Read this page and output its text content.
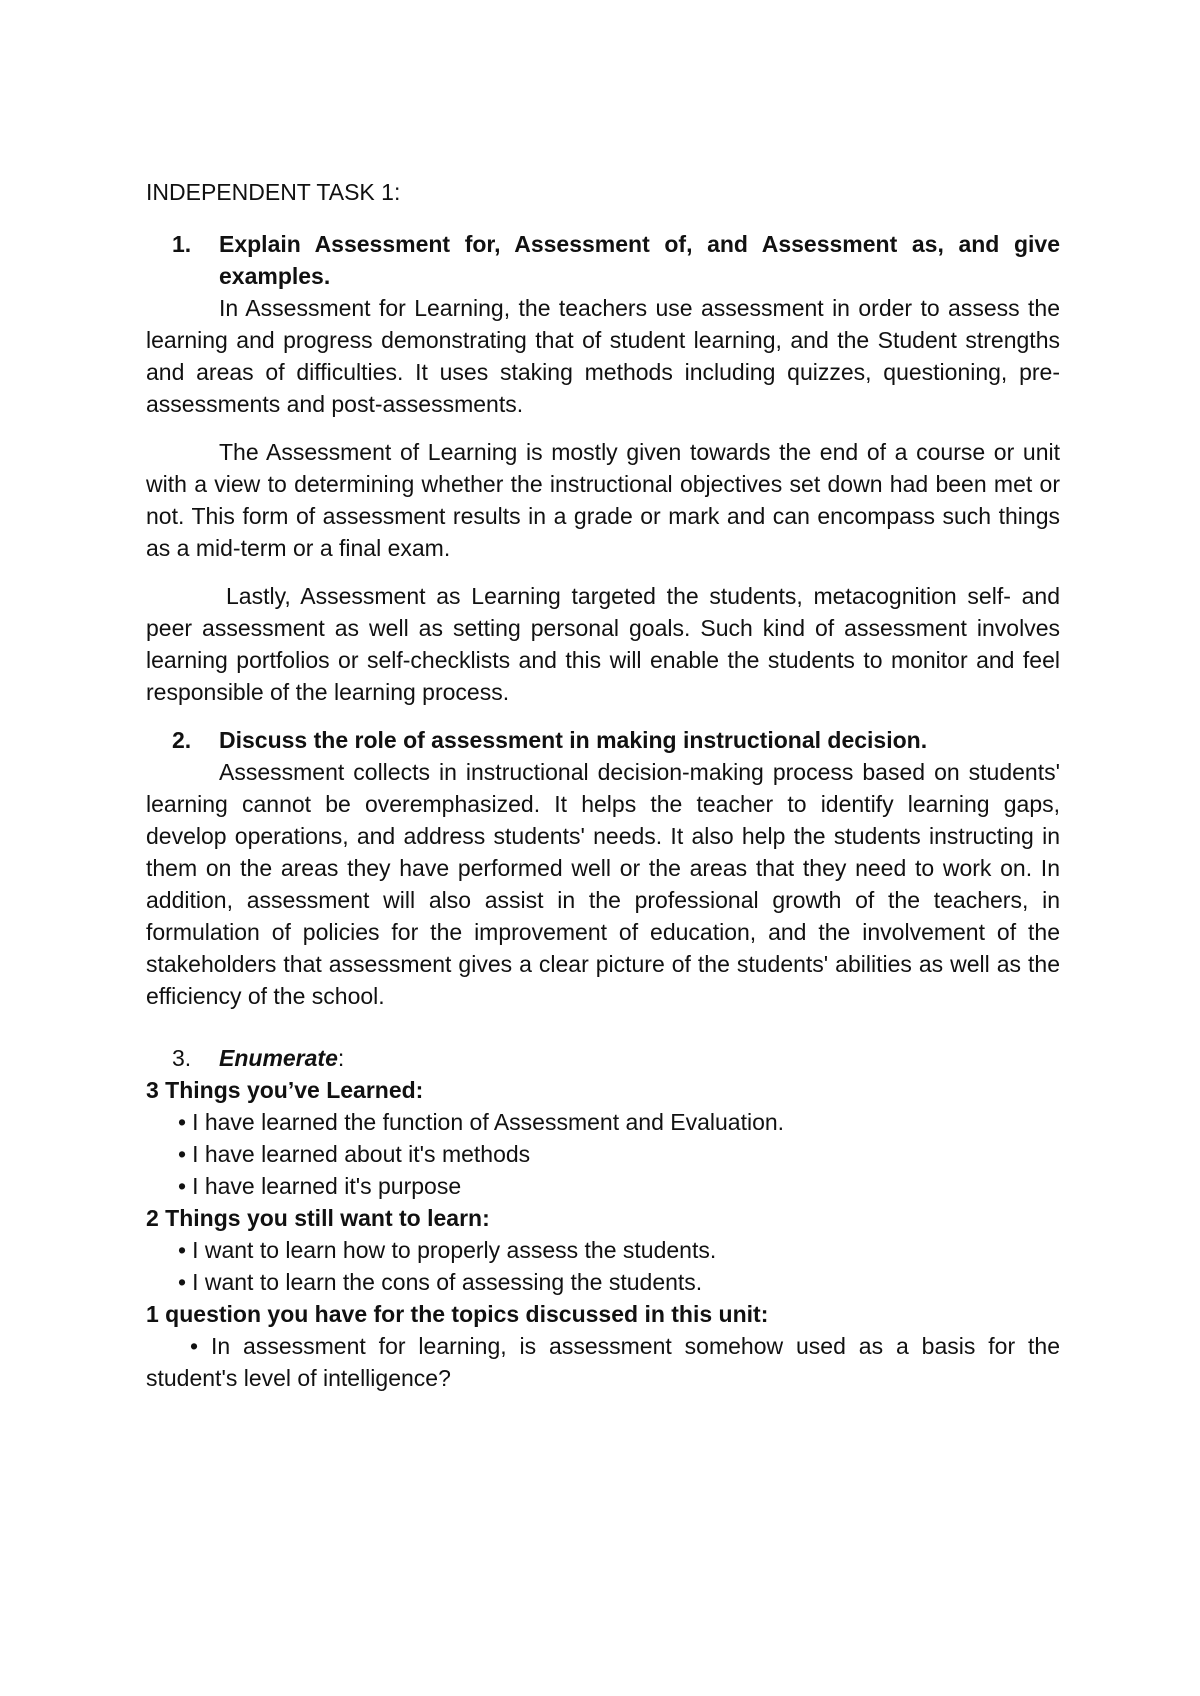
INDEPENDENT TASK 1:

1.	Explain Assessment for, Assessment of, and Assessment as, and give examples.

In Assessment for Learning, the teachers use assessment in order to assess the learning and progress demonstrating that of student learning, and the Student strengths and areas of difficulties. It uses staking methods including quizzes, questioning, pre-assessments and post-assessments.

The Assessment of Learning is mostly given towards the end of a course or unit with a view to determining whether the instructional objectives set down had been met or not. This form of assessment results in a grade or mark and can encompass such things as a mid-term or a final exam.

Lastly, Assessment as Learning targeted the students, metacognition self- and peer assessment as well as setting personal goals. Such kind of assessment involves learning portfolios or self-checklists and this will enable the students to monitor and feel responsible of the learning process.

2.	Discuss the role of assessment in making instructional decision.

Assessment collects in instructional decision-making process based on students' learning cannot be overemphasized. It helps the teacher to identify learning gaps, develop operations, and address students' needs. It also help the students instructing in them on the areas they have performed well or the areas that they need to work on. In addition, assessment will also assist in the professional growth of the teachers, in formulation of policies for the improvement of education, and the involvement of the stakeholders that assessment gives a clear picture of the students' abilities as well as the efficiency of the school.

3.	Enumerate:

3 Things you’ve Learned:

• I have learned the function of Assessment and Evaluation.
• I have learned about it's methods
• I have learned it's purpose

2 Things you still want to learn:

• I want to learn how to properly assess the students.
• I want to learn the cons of assessing the students.

1 question you have for the topics discussed in this unit:

• In assessment for learning, is assessment somehow used as a basis for the student's level of intelligence?
